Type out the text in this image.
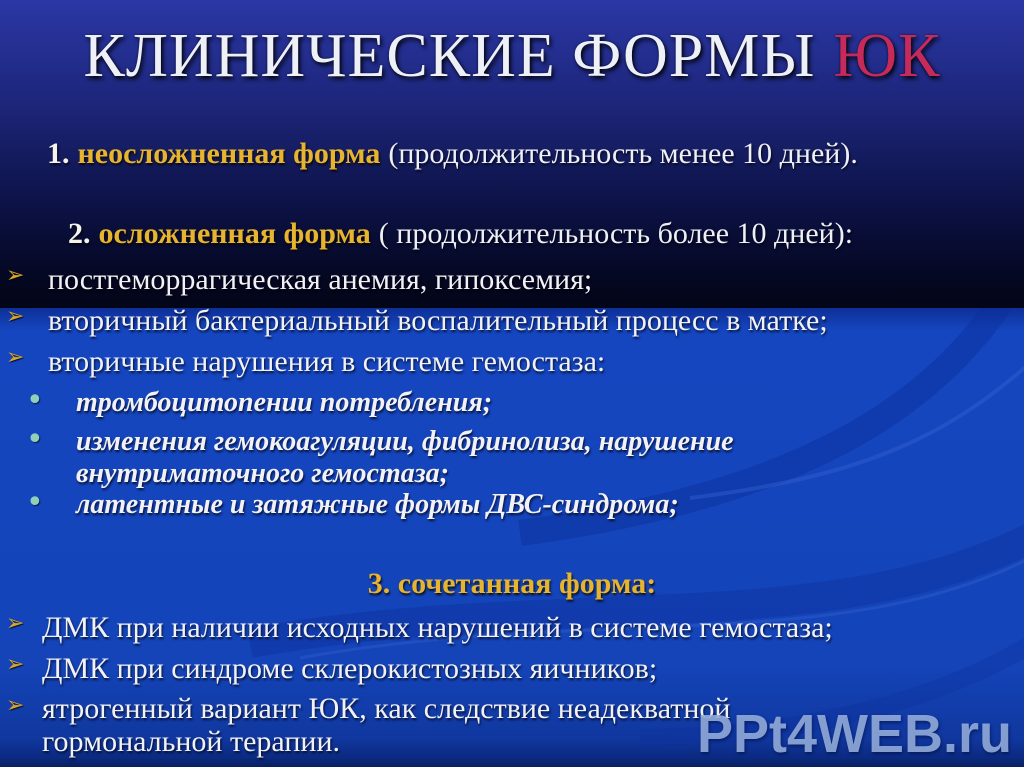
КЛИНИЧЕСКИЕ ФОРМЫ ЮК
1. неосложненная форма (продолжительность менее 10 дней).
2. осложненная форма ( продолжительность более 10 дней):
➢ постгеморрагическая анемия, гипоксемия;
➢ вторичный бактериальный воспалительный процесс в матке;
➢ вторичные нарушения в системе гемостаза:
• тромбоцитопении потребления;
• изменения гемокоагуляции, фибринолиза, нарушение внутриматочного гемостаза;
• латентные и затяжные формы ДВС-синдрома;
3. сочетанная форма:
➢ ДМК при наличии исходных нарушений в системе гемостаза;
➢ ДМК при синдроме склерокистозных яичников;
➢ ятрогенный вариант ЮК, как следствие неадекватной гормональной терапии.	PPt4WEB.ru
